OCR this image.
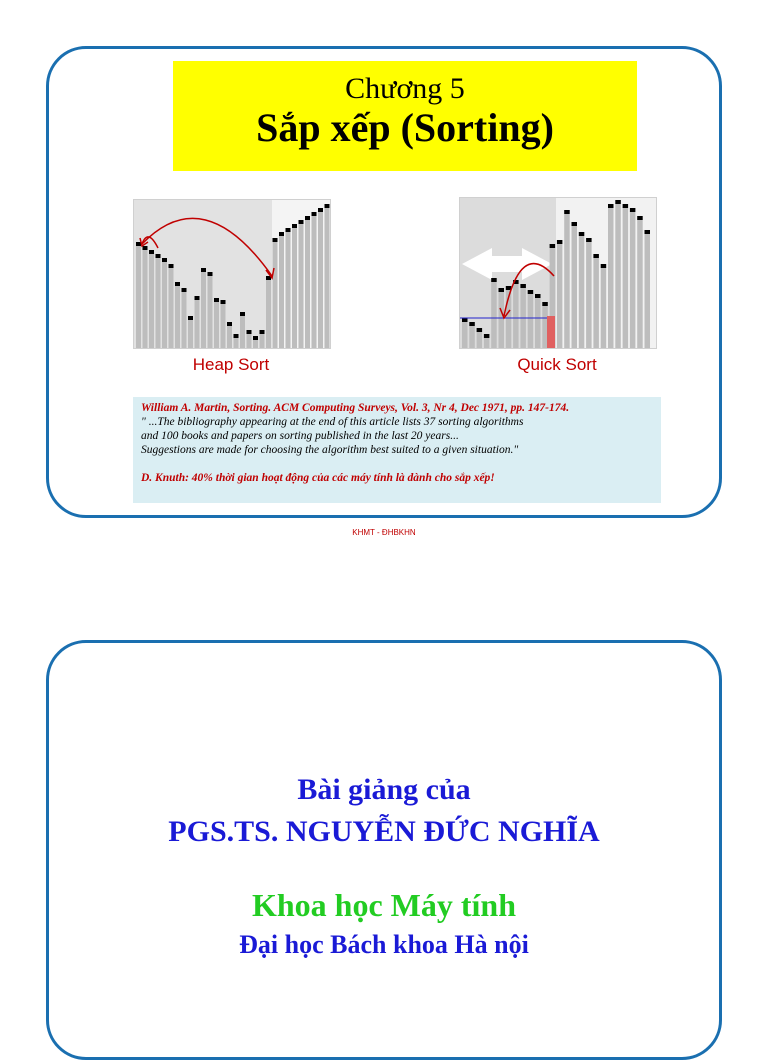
Chương 5
Sắp xếp (Sorting)
Heap Sort	Quick Sort
William A. Martin, Sorting. ACM Computing Surveys, Vol. 3, Nr 4, Dec 1971, pp. 147-174.
" ...The bibliography appearing at the end of this article lists 37 sorting algorithms
and 100 books and papers on sorting published in the last 20 years...
Suggestions are made for choosing the algorithm best suited to a given situation."
D. Knuth: 40% thời gian hoạt động của các máy tính là dành cho sắp xếp!
KHMT - ĐHBKHN
Bài giảng của
PGS.TS. NGUYỄN ĐỨC NGHĨA
Khoa học Máy tính
Đại học Bách khoa Hà nội
